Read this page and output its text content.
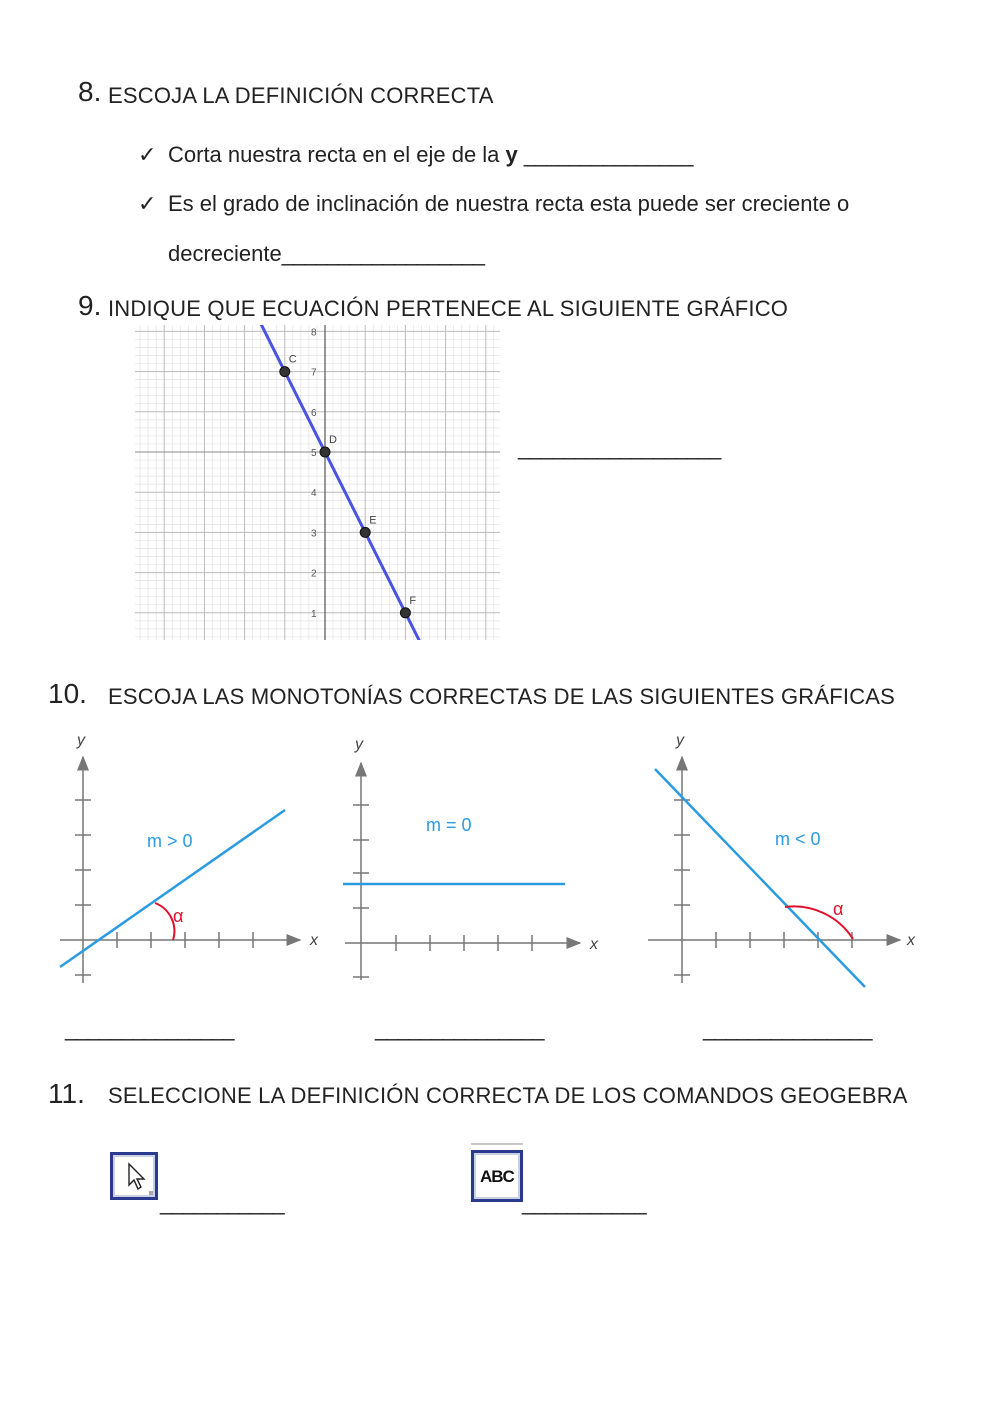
8. ESCOJA LA DEFINICIÓN CORRECTA
✓ Corta nuestra recta en el eje de la y _______________
✓ Es el grado de inclinación de nuestra recta esta puede ser creciente o
decreciente__________________
9. INDIQUE QUE ECUACIÓN PERTENECE AL SIGUIENTE GRÁFICO
1
2
3
4
5
6
7
8
C
D
E
F
__________________
10. ESCOJA LAS MONOTONÍAS CORRECTAS DE LAS SIGUIENTES GRÁFICAS
y
x
α
m > 0
y
x
m = 0
y
x
α
m < 0
_______________	_______________	_______________
11. SELECCIONE LA DEFINICIÓN CORRECTA DE LOS COMANDOS GEOGEBRA
___________
ABC
___________
